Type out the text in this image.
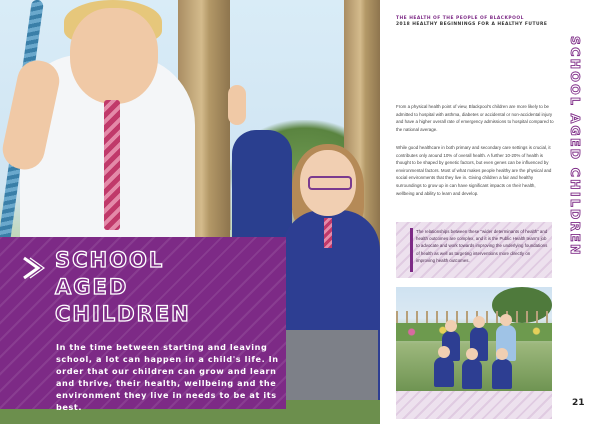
SCHOOL
AGED
CHILDREN

In the time between starting and leaving school, a lot can happen in a child's life. In order that our children can grow and learn and thrive, their health, wellbeing and the environment they live in needs to be at its best.

THE HEALTH OF THE PEOPLE OF BLACKPOOL
2018 HEALTHY BEGINNINGS FOR A HEALTHY FUTURE
SCHOOL AGED CHILDREN

From a physical health point of view, Blackpool's children are more likely to be admitted to hospital with asthma, diabetes or accidental or non-accidental injury and have a higher overall rate of emergency admissions to hospital compared to the national average.

While good healthcare in both primary and secondary care settings is crucial, it contributes only around 10% of overall health. A further 10-20% of health is thought to be shaped by genetic factors, but even genes can be influenced by environmental factors. Most of what makes people healthy are the physical and social environments that they live in. Giving children a fair and healthy surroundings to grow up in can have significant impacts on their health, wellbeing and ability to learn and develop.

The relationships between these "wider determinants of health" and health outcomes are complex, and it is the Public Health team's job to advocate and work towards improving the underlying foundations of health as well as targeting interventions more directly on improving health outcomes.

21
